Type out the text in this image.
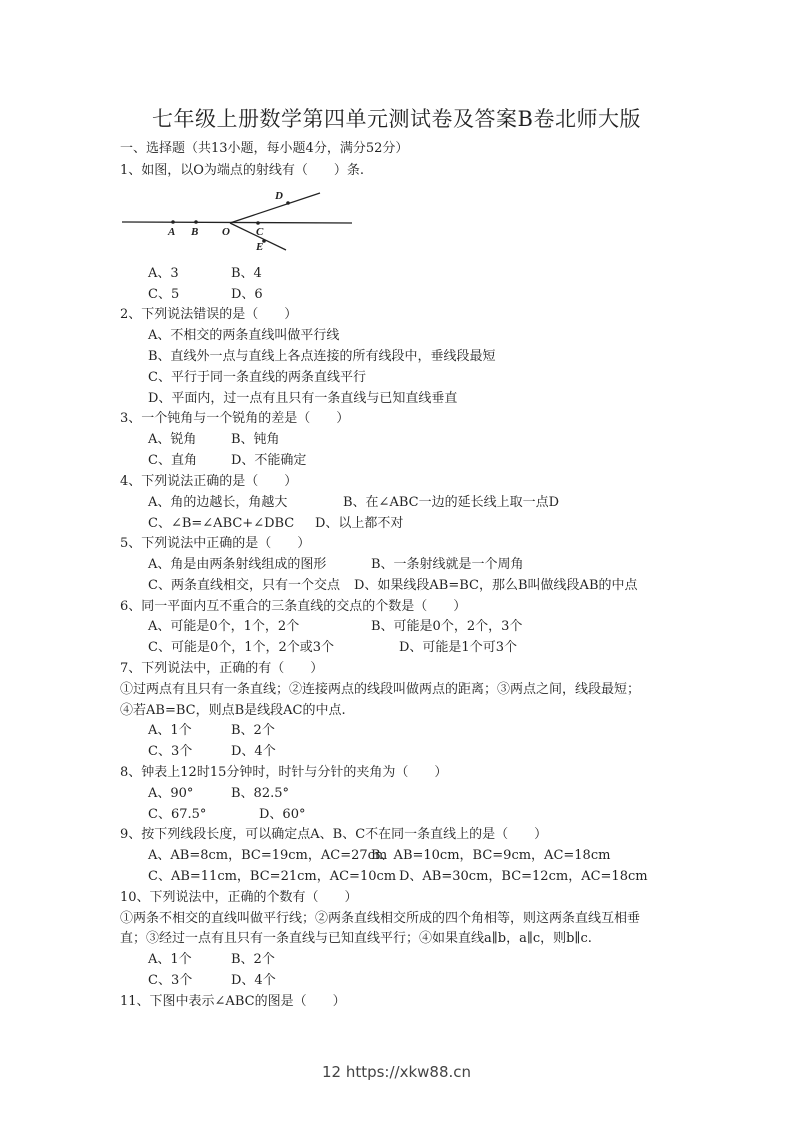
七年级上册数学第四单元测试卷及答案B卷北师大版
一、选择题（共13小题，每小题4分，满分52分）
1、如图，以O为端点的射线有（　　）条.
A B O C
D
E
A、3	B、4
C、5	D、6
2、下列说法错误的是（　　）
A、不相交的两条直线叫做平行线
B、直线外一点与直线上各点连接的所有线段中，垂线段最短
C、平行于同一条直线的两条直线平行
D、平面内，过一点有且只有一条直线与已知直线垂直
3、一个钝角与一个锐角的差是（　　）
A、锐角	B、钝角
C、直角	D、不能确定
4、下列说法正确的是（　　）
A、角的边越长，角越大	B、在∠ABC一边的延长线上取一点D
C、∠B=∠ABC+∠DBC D、以上都不对
5、下列说法中正确的是（　　）
A、角是由两条射线组成的图形	B、一条射线就是一个周角
C、两条直线相交，只有一个交点 D、如果线段AB=BC，那么B叫做线段AB的中点
6、同一平面内互不重合的三条直线的交点的个数是（　　）
A、可能是0个，1个，2个	B、可能是0个，2个，3个
C、可能是0个，1个，2个或3个	D、可能是1个可3个
7、下列说法中，正确的有（　　）
①过两点有且只有一条直线；②连接两点的线段叫做两点的距离；③两点之间，线段最短；
④若AB=BC，则点B是线段AC的中点.
A、1个	B、2个
C、3个	D、4个
8、钟表上12时15分钟时，时针与分针的夹角为（　　）
A、90°	B、82.5°
C、67.5°	D、60°
9、按下列线段长度，可以确定点A、B、C不在同一条直线上的是（　　）
A、AB=8cm，BC=19cm，AC=27cm
B、AB=10cm，BC=9cm，AC=18cm
C、AB=11cm，BC=21cm，AC=10cm D、AB=30cm，BC=12cm，AC=18cm
10、下列说法中，正确的个数有（　　）
①两条不相交的直线叫做平行线；②两条直线相交所成的四个角相等，则这两条直线互相垂
直；③经过一点有且只有一条直线与已知直线平行；④如果直线a∥b，a∥c，则b∥c.
A、1个	B、2个
C、3个	D、4个
11、下图中表示∠ABC的图是（　　）
12 https://xkw88.cn
